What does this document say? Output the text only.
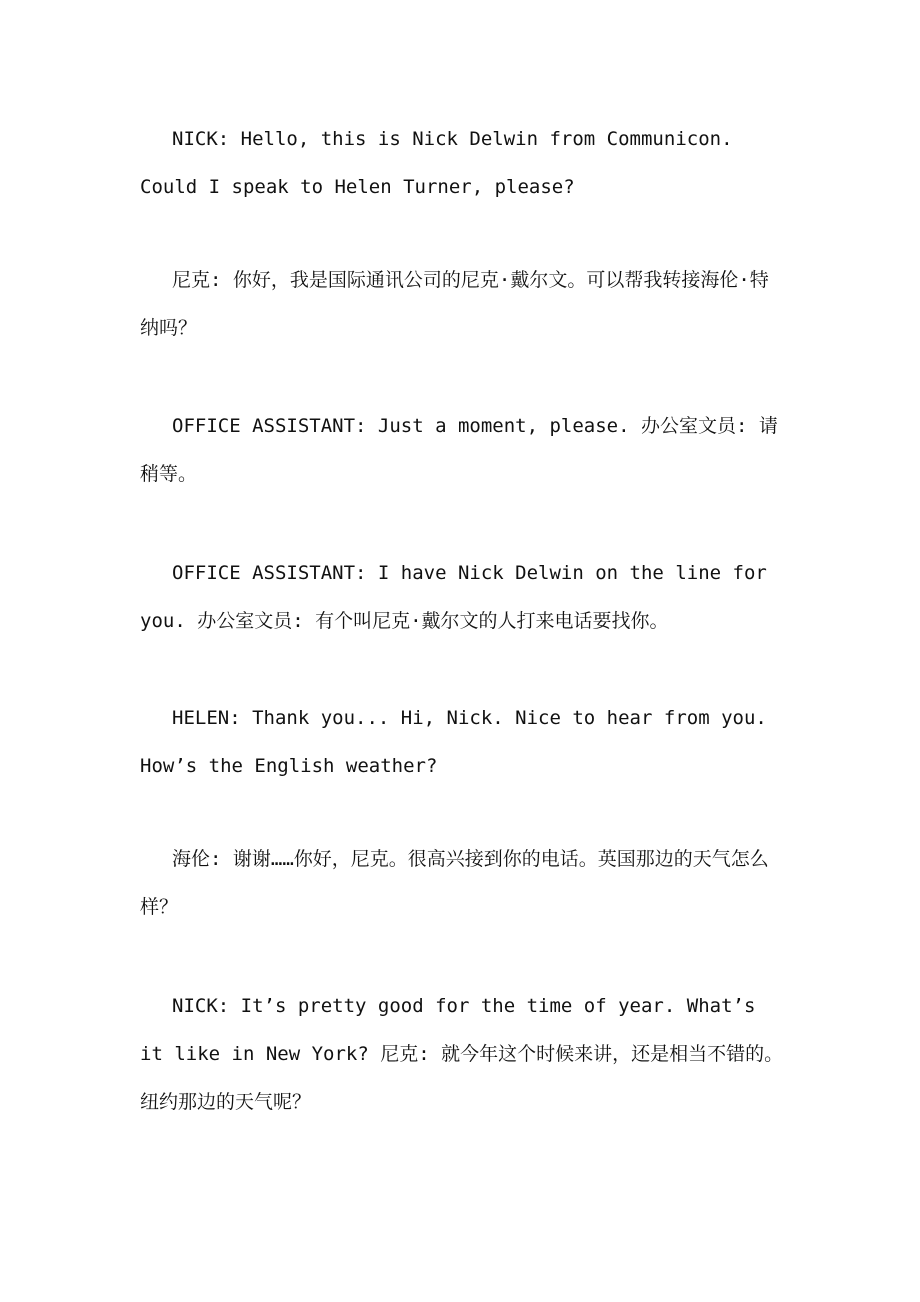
NICK: Hello, this is Nick Delwin from Communicon. Could I speak to Helen Turner, please?

尼克: 你好，我是国际通讯公司的尼克·戴尔文。可以帮我转接海伦·特纳吗？

OFFICE ASSISTANT: Just a moment, please. 办公室文员: 请稍等。

OFFICE ASSISTANT: I have Nick Delwin on the line for you. 办公室文员: 有个叫尼克·戴尔文的人打来电话要找你。

HELEN: Thank you... Hi, Nick. Nice to hear from you. How’s the English weather?

海伦: 谢谢……你好，尼克。很高兴接到你的电话。英国那边的天气怎么样？

NICK: It’s pretty good for the time of year. What’s it like in New York? 尼克: 就今年这个时候来讲，还是相当不错的。纽约那边的天气呢？
